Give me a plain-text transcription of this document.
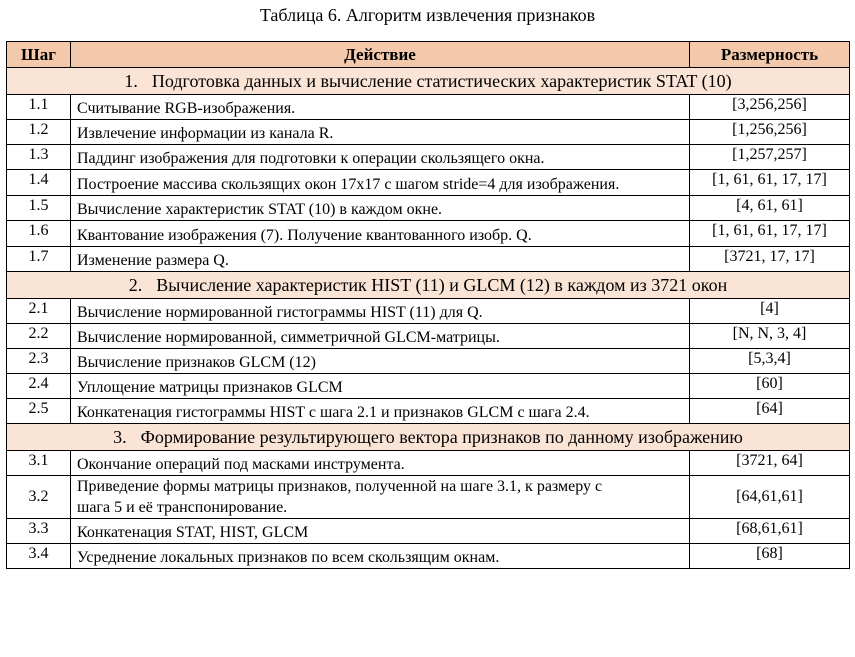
Таблица 6. Алгоритм извлечения признаков
Шаг	Действие	Размерность
1. Подготовка данных и вычисление статистических характеристик STAT (10)		
1.1	Считывание RGB-изображения.	[3,256,256]
1.2	Извлечение информации из канала R.	[1,256,256]
1.3	Паддинг изображения для подготовки к операции скользящего окна.	[1,257,257]
1.4	Построение массива скользящих окон 17x17 с шагом stride=4 для изображения.	[1, 61, 61, 17, 17]
1.5	Вычисление характеристик STAT (10) в каждом окне.	[4, 61, 61]
1.6	Квантование изображения (7). Получение квантованного изобр. Q.	[1, 61, 61, 17, 17]
1.7	Изменение размера Q.	[3721, 17, 17]
2. Вычисление характеристик HIST (11) и GLCM (12) в каждом из 3721 окон		
2.1	Вычисление нормированной гистограммы HIST (11) для Q.	[4]
2.2	Вычисление нормированной, симметричной GLCM-матрицы.	[N, N, 3, 4]
2.3	Вычисление признаков GLCM (12)	[5,3,4]
2.4	Уплощение матрицы признаков GLCM	[60]
2.5	Конкатенация гистограммы HIST с шага 2.1 и признаков GLCM с шага 2.4.	[64]
3. Формирование результирующего вектора признаков по данному изображению		
3.1	Окончание операций под масками инструмента.	[3721, 64]
3.2	Приведение формы матрицы признаков, полученной на шаге 3.1, к размеру с
шага 5 и её транспонирование.	[64,61,61]
3.3	Конкатенация STAT, HIST, GLCM	[68,61,61]
3.4	Усреднение локальных признаков по всем скользящим окнам.	[68]
